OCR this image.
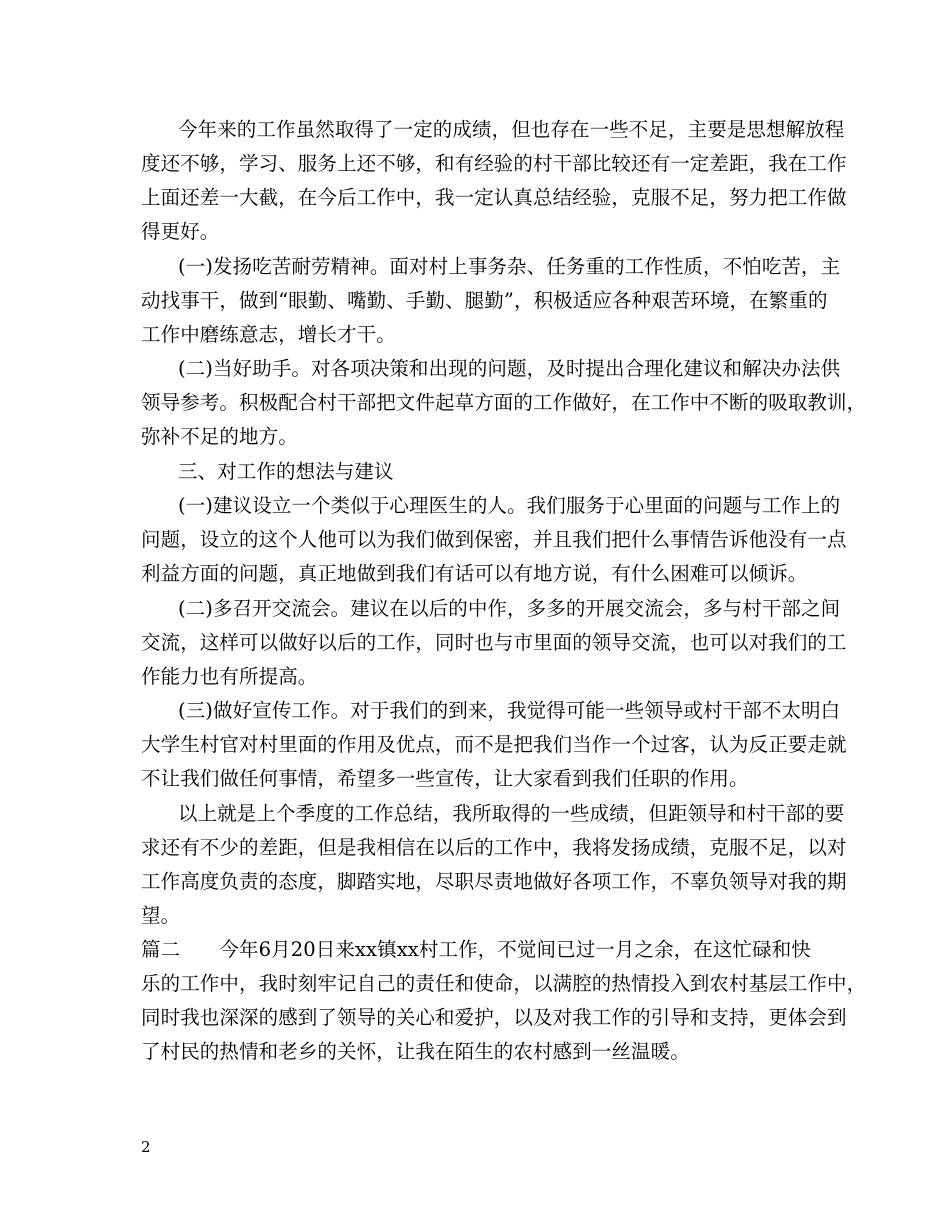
今年来的工作虽然取得了一定的成绩，但也存在一些不足，主要是思想解放程
度还不够，学习、服务上还不够，和有经验的村干部比较还有一定差距，我在工作
上面还差一大截，在今后工作中，我一定认真总结经验，克服不足，努力把工作做
得更好。
(一)发扬吃苦耐劳精神。面对村上事务杂、任务重的工作性质，不怕吃苦，主
动找事干，做到“眼勤、嘴勤、手勤、腿勤”，积极适应各种艰苦环境，在繁重的
工作中磨练意志，增长才干。
(二)当好助手。对各项决策和出现的问题，及时提出合理化建议和解决办法供
领导参考。积极配合村干部把文件起草方面的工作做好，在工作中不断的吸取教训，
弥补不足的地方。
三、对工作的想法与建议
(一)建议设立一个类似于心理医生的人。我们服务于心里面的问题与工作上的
问题，设立的这个人他可以为我们做到保密，并且我们把什么事情告诉他没有一点
利益方面的问题，真正地做到我们有话可以有地方说，有什么困难可以倾诉。
(二)多召开交流会。建议在以后的中作，多多的开展交流会，多与村干部之间
交流，这样可以做好以后的工作，同时也与市里面的领导交流，也可以对我们的工
作能力也有所提高。
(三)做好宣传工作。对于我们的到来，我觉得可能一些领导或村干部不太明白
大学生村官对村里面的作用及优点，而不是把我们当作一个过客，认为反正要走就
不让我们做任何事情，希望多一些宣传，让大家看到我们任职的作用。
以上就是上个季度的工作总结，我所取得的一些成绩，但距领导和村干部的要
求还有不少的差距，但是我相信在以后的工作中，我将发扬成绩，克服不足，以对
工作高度负责的态度，脚踏实地，尽职尽责地做好各项工作，不辜负领导对我的期
望。
篇二　　今年6月20日来xx镇xx村工作，不觉间已过一月之余，在这忙碌和快
乐的工作中，我时刻牢记自己的责任和使命，以满腔的热情投入到农村基层工作中，
同时我也深深的感到了领导的关心和爱护，以及对我工作的引导和支持，更体会到
了村民的热情和老乡的关怀，让我在陌生的农村感到一丝温暖。
2
